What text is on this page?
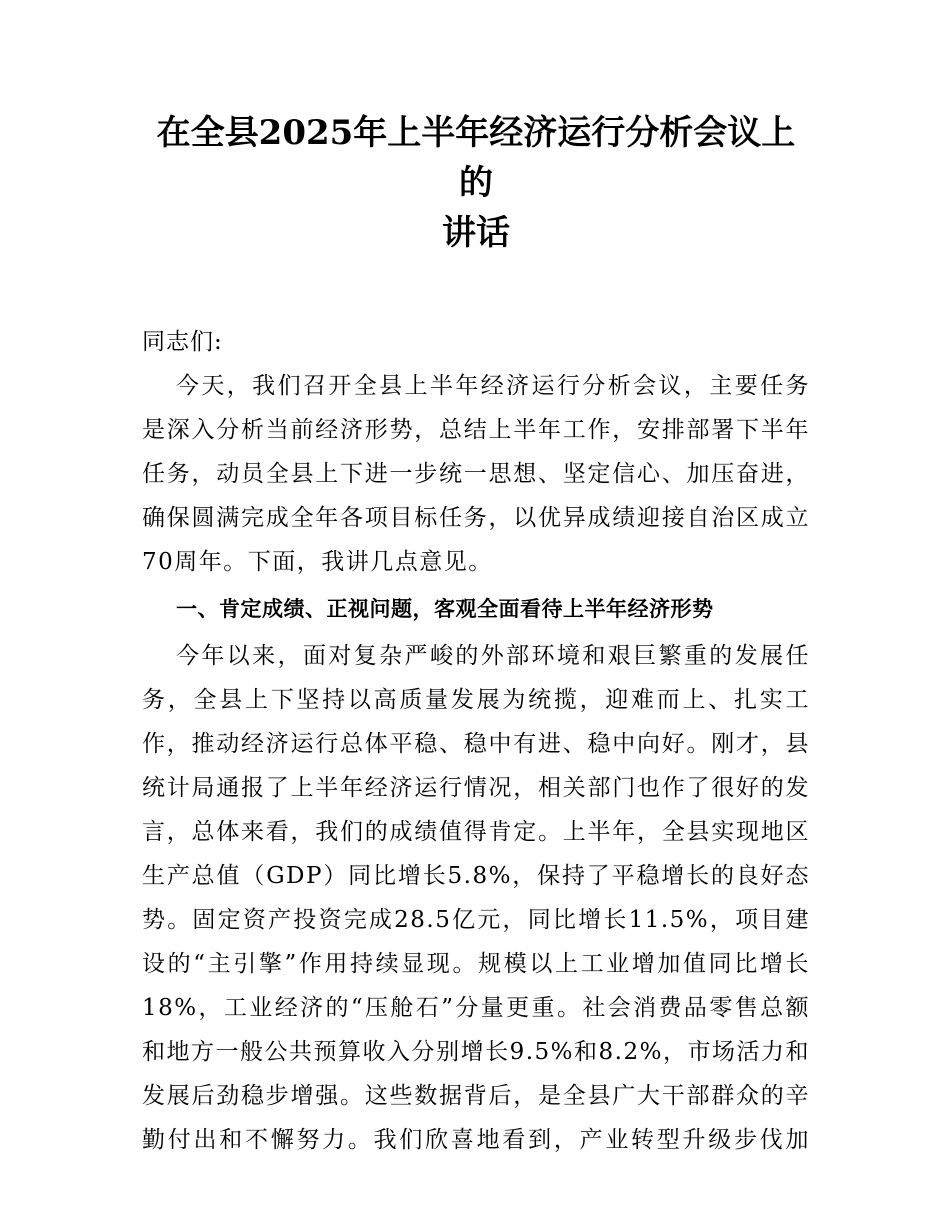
在全县2025年上半年经济运行分析会议上的
讲话

同志们:

今天，我们召开全县上半年经济运行分析会议，主要任务
是深入分析当前经济形势，总结上半年工作，安排部署下半年
任务，动员全县上下进一步统一思想、坚定信心、加压奋进，
确保圆满完成全年各项目标任务，以优异成绩迎接自治区成立
70周年。下面，我讲几点意见。

一、肯定成绩、正视问题，客观全面看待上半年经济形势

今年以来，面对复杂严峻的外部环境和艰巨繁重的发展任
务，全县上下坚持以高质量发展为统揽，迎难而上、扎实工
作，推动经济运行总体平稳、稳中有进、稳中向好。刚才，县
统计局通报了上半年经济运行情况，相关部门也作了很好的发
言，总体来看，我们的成绩值得肯定。上半年，全县实现地区
生产总值（GDP）同比增长5.8%，保持了平稳增长的良好态
势。固定资产投资完成28.5亿元，同比增长11.5%，项目建
设的“主引擎”作用持续显现。规模以上工业增加值同比增长
18%，工业经济的“压舱石”分量更重。社会消费品零售总额
和地方一般公共预算收入分别增长9.5%和8.2%，市场活力和
发展后劲稳步增强。这些数据背后，是全县广大干部群众的辛
勤付出和不懈努力。我们欣喜地看到，产业转型升级步伐加
